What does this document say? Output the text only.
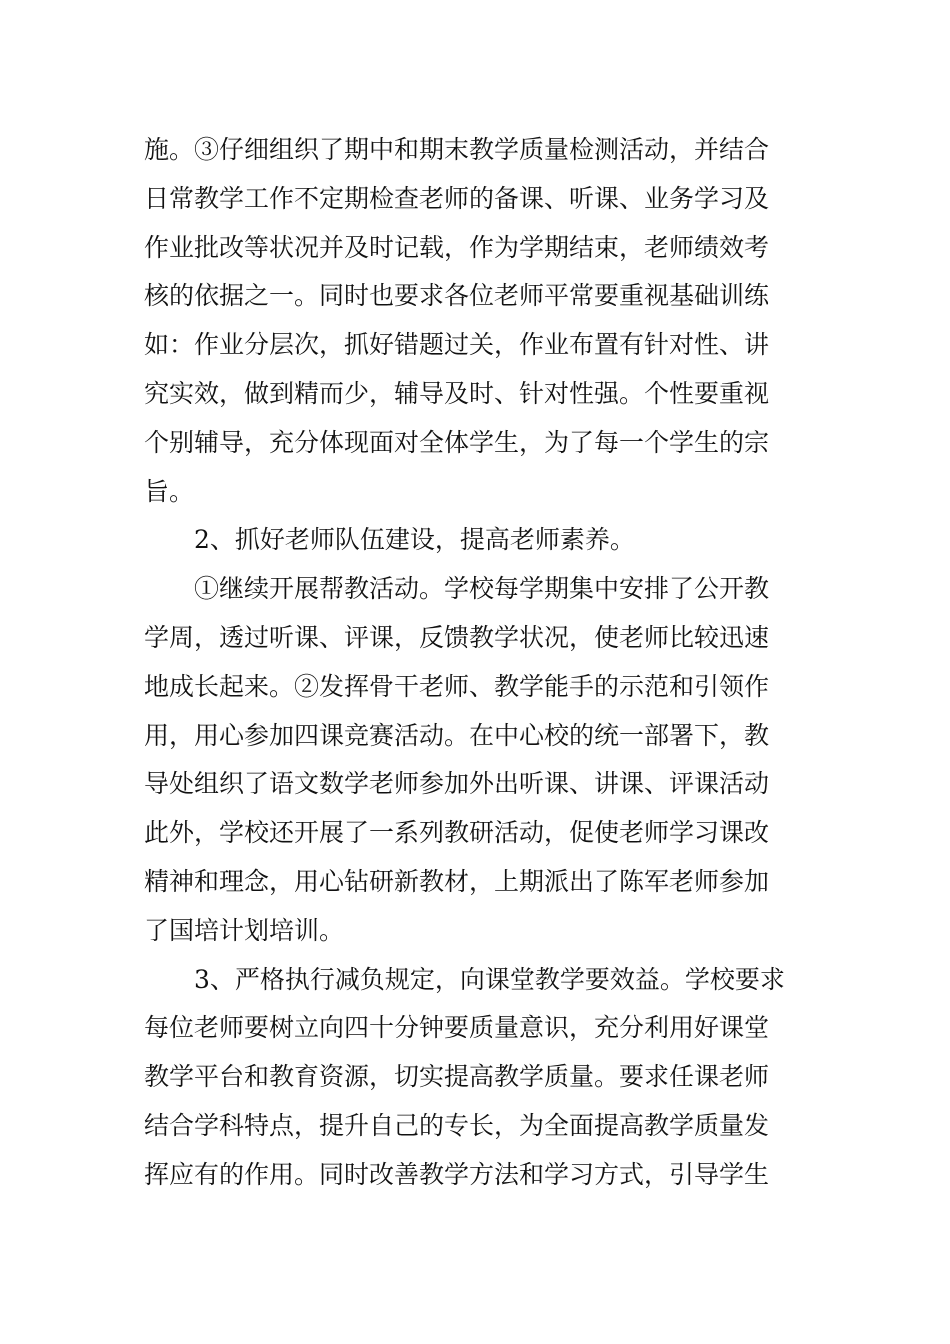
施。③仔细组织了期中和期末教学质量检测活动，并结合

日常教学工作不定期检查老师的备课、听课、业务学习及

作业批改等状况并及时记载，作为学期结束，老师绩效考

核的依据之一。同时也要求各位老师平常要重视基础训练

如：作业分层次，抓好错题过关，作业布置有针对性、讲

究实效，做到精而少，辅导及时、针对性强。个性要重视

个别辅导，充分体现面对全体学生，为了每一个学生的宗

旨。

2、抓好老师队伍建设，提高老师素养。

①继续开展帮教活动。学校每学期集中安排了公开教

学周，透过听课、评课，反馈教学状况，使老师比较迅速

地成长起来。②发挥骨干老师、教学能手的示范和引领作

用，用心参加四课竞赛活动。在中心校的统一部署下，教

导处组织了语文数学老师参加外出听课、讲课、评课活动

此外，学校还开展了一系列教研活动，促使老师学习课改

精神和理念，用心钻研新教材，上期派出了陈军老师参加

了国培计划培训。

3、严格执行减负规定，向课堂教学要效益。学校要求

每位老师要树立向四十分钟要质量意识，充分利用好课堂

教学平台和教育资源，切实提高教学质量。要求任课老师

结合学科特点，提升自己的专长，为全面提高教学质量发

挥应有的作用。同时改善教学方法和学习方式，引导学生
